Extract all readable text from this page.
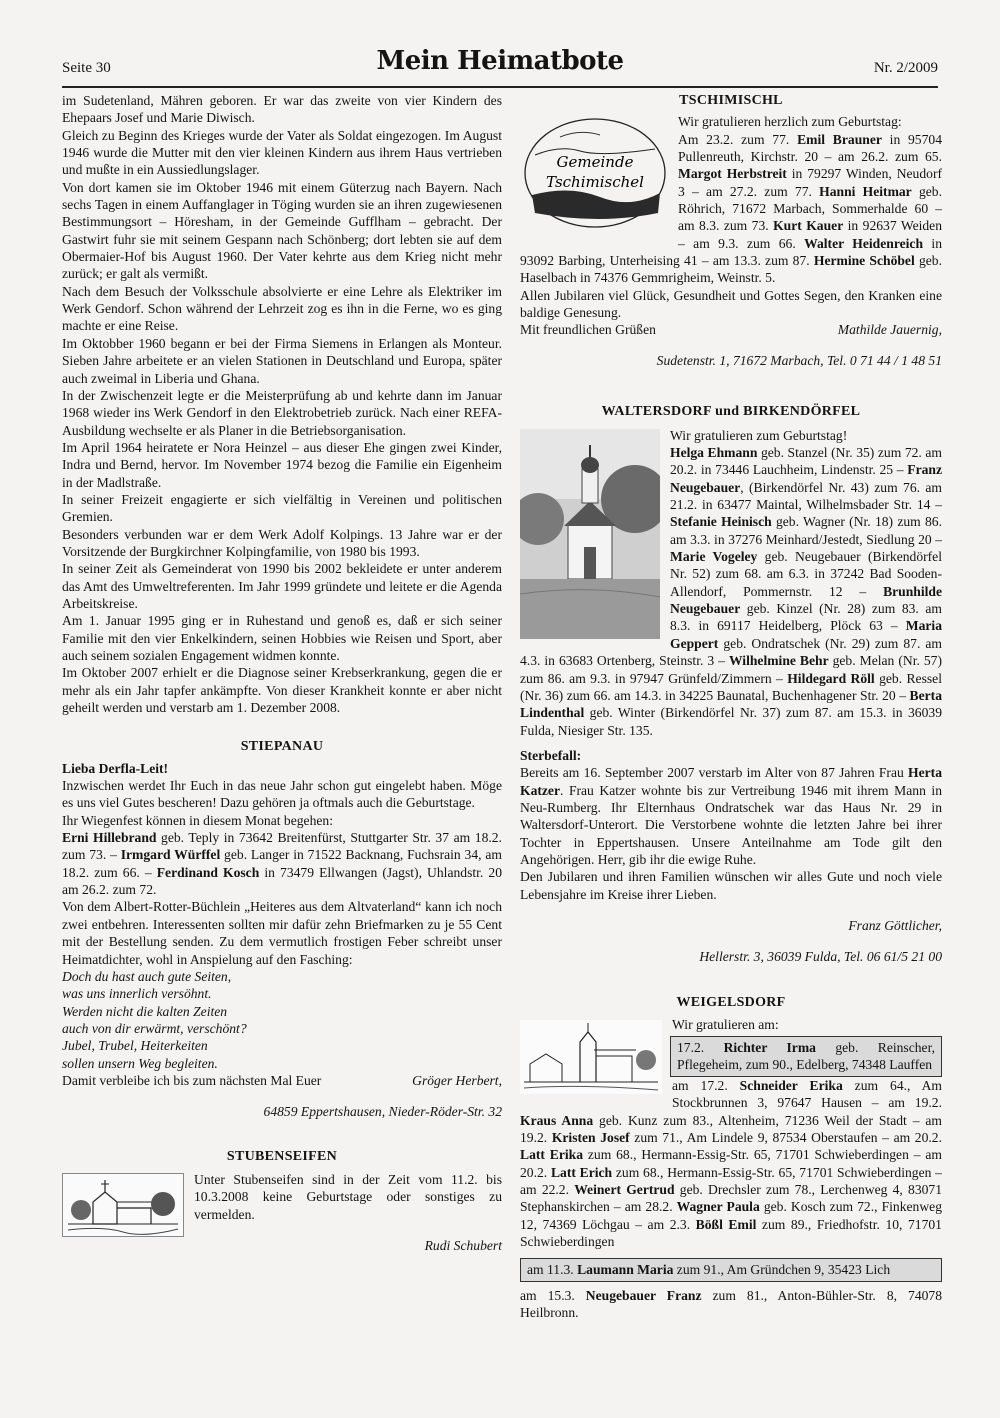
Seite 30	Mein Heimatbote	Nr. 2/2009

im Sudetenland, Mähren geboren. Er war das zweite von vier Kindern des Ehepaars Josef und Marie Diwisch.

Gleich zu Beginn des Krieges wurde der Vater als Soldat eingezogen. Im August 1946 wurde die Mutter mit den vier kleinen Kindern aus ihrem Haus vertrieben und mußte in ein Aussiedlungslager.

Von dort kamen sie im Oktober 1946 mit einem Güterzug nach Bayern. Nach sechs Tagen in einem Auffanglager in Töging wurden sie an ihren zugewiesenen Bestimmungsort – Höresham, in der Gemeinde Gufflham – gebracht. Der Gastwirt fuhr sie mit seinem Gespann nach Schönberg; dort lebten sie auf dem Obermaier-Hof bis August 1960. Der Vater kehrte aus dem Krieg nicht mehr zurück; er galt als vermißt.

Nach dem Besuch der Volksschule absolvierte er eine Lehre als Elektriker im Werk Gendorf. Schon während der Lehrzeit zog es ihn in die Ferne, wo es ging machte er eine Reise.

Im Oktobber 1960 begann er bei der Firma Siemens in Erlangen als Monteur. Sieben Jahre arbeitete er an vielen Stationen in Deutschland und Europa, später auch zweimal in Liberia und Ghana.

In der Zwischenzeit legte er die Meisterprüfung ab und kehrte dann im Januar 1968 wieder ins Werk Gendorf in den Elektrobetrieb zurück. Nach einer REFA-Ausbildung wechselte er als Planer in die Betriebsorganisation.

Im April 1964 heiratete er Nora Heinzel – aus dieser Ehe gingen zwei Kinder, Indra und Bernd, hervor. Im November 1974 bezog die Familie ein Eigenheim in der Madlstraße.

In seiner Freizeit engagierte er sich vielfältig in Vereinen und politischen Gremien.

Besonders verbunden war er dem Werk Adolf Kolpings. 13 Jahre war er der Vorsitzende der Burgkirchner Kolpingfamilie, von 1980 bis 1993.

In seiner Zeit als Gemeinderat von 1990 bis 2002 bekleidete er unter anderem das Amt des Umweltreferenten. Im Jahr 1999 gründete und leitete er die Agenda Arbeitskreise.

Am 1. Januar 1995 ging er in Ruhestand und genoß es, daß er sich seiner Familie mit den vier Enkelkindern, seinen Hobbies wie Reisen und Sport, aber auch seinem sozialen Engagement widmen konnte.

Im Oktober 2007 erhielt er die Diagnose seiner Krebserkrankung, gegen die er mehr als ein Jahr tapfer ankämpfte. Von dieser Krankheit konnte er aber nicht geheilt werden und verstarb am 1. Dezember 2008.

STIEPANAU

Lieba Derfla-Leit!

Inzwischen werdet Ihr Euch in das neue Jahr schon gut eingelebt haben. Möge es uns viel Gutes bescheren! Dazu gehören ja oftmals auch die Geburtstage.

Ihr Wiegenfest können in diesem Monat begehen:

Erni Hillebrand geb. Teply in 73642 Breitenfürst, Stuttgarter Str. 37 am 18.2. zum 73. – Irmgard Würffel geb. Langer in 71522 Backnang, Fuchsrain 34, am 18.2. zum 66. – Ferdinand Kosch in 73479 Ellwangen (Jagst), Uhlandstr. 20 am 26.2. zum 72.

Von dem Albert-Rotter-Büchlein „Heiteres aus dem Altvaterland“ kann ich noch zwei entbehren. Interessenten sollten mir dafür zehn Briefmarken zu je 55 Cent mit der Bestellung senden. Zu dem vermutlich frostigen Feber schreibt unser Heimatdichter, wohl in Anspielung auf den Fasching:

Doch du hast auch gute Seiten,

was uns innerlich versöhnt.

Werden nicht die kalten Zeiten

auch von dir erwärmt, verschönt?

Jubel, Trubel, Heiterkeiten

sollen unsern Weg begleiten.

Damit verbleibe ich bis zum nächsten Mal Euer	Gröger Herbert,

64859 Eppertshausen, Nieder-Röder-Str. 32

STUBENSEIFEN

Unter Stubenseifen sind in der Zeit vom 11.2. bis 10.3.2008 keine Geburtstage oder sonstiges zu vermelden.

Rudi Schubert

TSCHIMISCHL

Gemeinde
Tschimischel

Wir gratulieren herzlich zum Geburtstag:

Am 23.2. zum 77. Emil Brauner in 95704 Pullenreuth, Kirchstr. 20 – am 26.2. zum 65. Margot Herbstreit in 79297 Winden, Neudorf 3 – am 27.2. zum 77. Hanni Heitmar geb. Röhrich, 71672 Marbach, Sommerhalde 60 – am 8.3. zum 73. Kurt Kauer in 92637 Weiden – am 9.3. zum 66. Walter Heidenreich in 93092 Barbing, Unterheising 41 – am 13.3. zum 87. Hermine Schöbel geb. Haselbach in 74376 Gemmrigheim, Weinstr. 5.

Allen Jubilaren viel Glück, Gesundheit und Gottes Segen, den Kranken eine baldige Genesung.

Mit freundlichen Grüßen	Mathilde Jauernig,

Sudetenstr. 1, 71672 Marbach, Tel. 0 71 44 / 1 48 51

WALTERSDORF und BIRKENDÖRFEL

Wir gratulieren zum Geburtstag!

Helga Ehmann geb. Stanzel (Nr. 35) zum 72. am 20.2. in 73446 Lauchheim, Lindenstr. 25 – Franz Neugebauer, (Birkendörfel Nr. 43) zum 76. am 21.2. in 63477 Maintal, Wilhelmsbader Str. 14 – Stefanie Heinisch geb. Wagner (Nr. 18) zum 86. am 3.3. in 37276 Meinhard/Jestedt, Siedlung 20 – Marie Vogeley geb. Neugebauer (Birkendörfel Nr. 52) zum 68. am 6.3. in 37242 Bad Sooden-Allendorf, Pommernstr. 12 – Brunhilde Neugebauer geb. Kinzel (Nr. 28) zum 83. am 8.3. in 69117 Heidelberg, Plöck 63 – Maria Geppert geb. Ondratschek (Nr. 29) zum 87. am 4.3. in 63683 Ortenberg, Steinstr. 3 – Wilhelmine Behr geb. Melan (Nr. 57) zum 86. am 9.3. in 97947 Grünfeld/Zimmern – Hildegard Röll geb. Ressel (Nr. 36) zum 66. am 14.3. in 34225 Baunatal, Buchenhagener Str. 20 – Berta Lindenthal geb. Winter (Birkendörfel Nr. 37) zum 87. am 15.3. in 36039 Fulda, Niesiger Str. 135.

Sterbefall:

Bereits am 16. September 2007 verstarb im Alter von 87 Jahren Frau Herta Katzer. Frau Katzer wohnte bis zur Vertreibung 1946 mit ihrem Mann in Neu-Rumberg. Ihr Elternhaus Ondratschek war das Haus Nr. 29 in Waltersdorf-Unterort. Die Verstorbene wohnte die letzten Jahre bei ihrer Tochter in Eppertshausen. Unsere Anteilnahme am Tode gilt den Angehörigen. Herr, gib ihr die ewige Ruhe.

Den Jubilaren und ihren Familien wünschen wir alles Gute und noch viele Lebensjahre im Kreise ihrer Lieben.

Franz Göttlicher,

Hellerstr. 3, 36039 Fulda, Tel. 06 61/5 21 00

WEIGELSDORF

Wir gratulieren am:

17.2. Richter Irma geb. Reinscher, Pflegeheim, zum 90., Edelberg, 74348 Lauffen

am 17.2. Schneider Erika zum 64., Am Stockbrunnen 3, 97647 Hausen – am 19.2. Kraus Anna geb. Kunz zum 83., Altenheim, 71236 Weil der Stadt – am 19.2. Kristen Josef zum 71., Am Lindele 9, 87534 Oberstaufen – am 20.2. Latt Erika zum 68., Hermann-Essig-Str. 65, 71701 Schwieberdingen – am 20.2. Latt Erich zum 68., Hermann-Essig-Str. 65, 71701 Schwieberdingen – am 22.2. Weinert Gertrud geb. Drechsler zum 78., Lerchenweg 4, 83071 Stephanskirchen – am 28.2. Wagner Paula geb. Kosch zum 72., Finkenweg 12, 74369 Löchgau – am 2.3. Bößl Emil zum 89., Friedhofstr. 10, 71701 Schwieberdingen

am 11.3. Laumann Maria zum 91., Am Gründchen 9, 35423 Lich

am 15.3. Neugebauer Franz zum 81., Anton-Bühler-Str. 8, 74078 Heilbronn.
